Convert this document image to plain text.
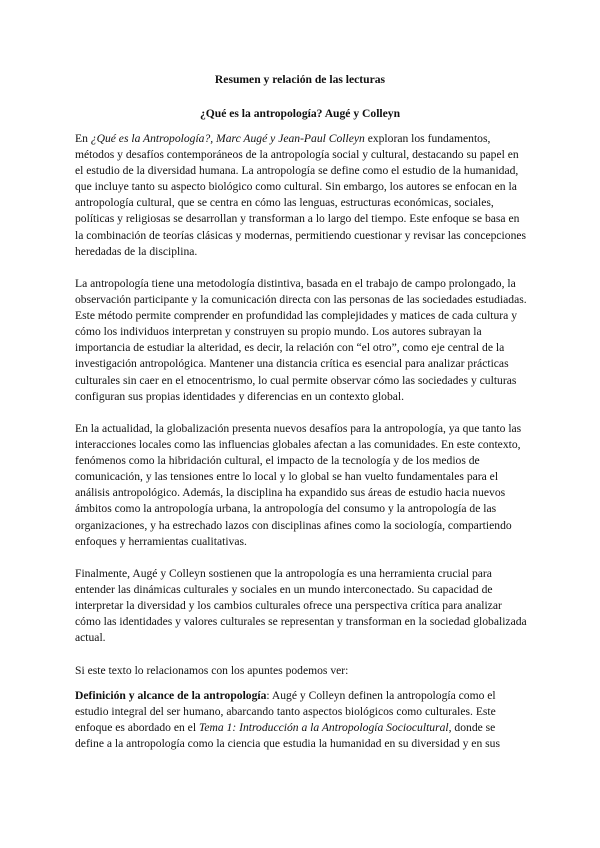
Resumen y relación de las lecturas
¿Qué es la antropología? Augé y Colleyn

En ¿Qué es la Antropología?, Marc Augé y Jean-Paul Colleyn exploran los fundamentos, métodos y desafíos contemporáneos de la antropología social y cultural, destacando su papel en el estudio de la diversidad humana. La antropología se define como el estudio de la humanidad, que incluye tanto su aspecto biológico como cultural. Sin embargo, los autores se enfocan en la antropología cultural, que se centra en cómo las lenguas, estructuras económicas, sociales, políticas y religiosas se desarrollan y transforman a lo largo del tiempo. Este enfoque se basa en la combinación de teorías clásicas y modernas, permitiendo cuestionar y revisar las concepciones heredadas de la disciplina.

La antropología tiene una metodología distintiva, basada en el trabajo de campo prolongado, la observación participante y la comunicación directa con las personas de las sociedades estudiadas. Este método permite comprender en profundidad las complejidades y matices de cada cultura y cómo los individuos interpretan y construyen su propio mundo. Los autores subrayan la importancia de estudiar la alteridad, es decir, la relación con “el otro”, como eje central de la investigación antropológica. Mantener una distancia crítica es esencial para analizar prácticas culturales sin caer en el etnocentrismo, lo cual permite observar cómo las sociedades y culturas configuran sus propias identidades y diferencias en un contexto global.

En la actualidad, la globalización presenta nuevos desafíos para la antropología, ya que tanto las interacciones locales como las influencias globales afectan a las comunidades. En este contexto, fenómenos como la hibridación cultural, el impacto de la tecnología y de los medios de comunicación, y las tensiones entre lo local y lo global se han vuelto fundamentales para el análisis antropológico. Además, la disciplina ha expandido sus áreas de estudio hacia nuevos ámbitos como la antropología urbana, la antropología del consumo y la antropología de las organizaciones, y ha estrechado lazos con disciplinas afines como la sociología, compartiendo enfoques y herramientas cualitativas.

Finalmente, Augé y Colleyn sostienen que la antropología es una herramienta crucial para entender las dinámicas culturales y sociales en un mundo interconectado. Su capacidad de interpretar la diversidad y los cambios culturales ofrece una perspectiva crítica para analizar cómo las identidades y valores culturales se representan y transforman en la sociedad globalizada actual.

Si este texto lo relacionamos con los apuntes podemos ver:

Definición y alcance de la antropología: Augé y Colleyn definen la antropología como el estudio integral del ser humano, abarcando tanto aspectos biológicos como culturales. Este enfoque es abordado en el Tema 1: Introducción a la Antropología Sociocultural, donde se define a la antropología como la ciencia que estudia la humanidad en su diversidad y en sus
